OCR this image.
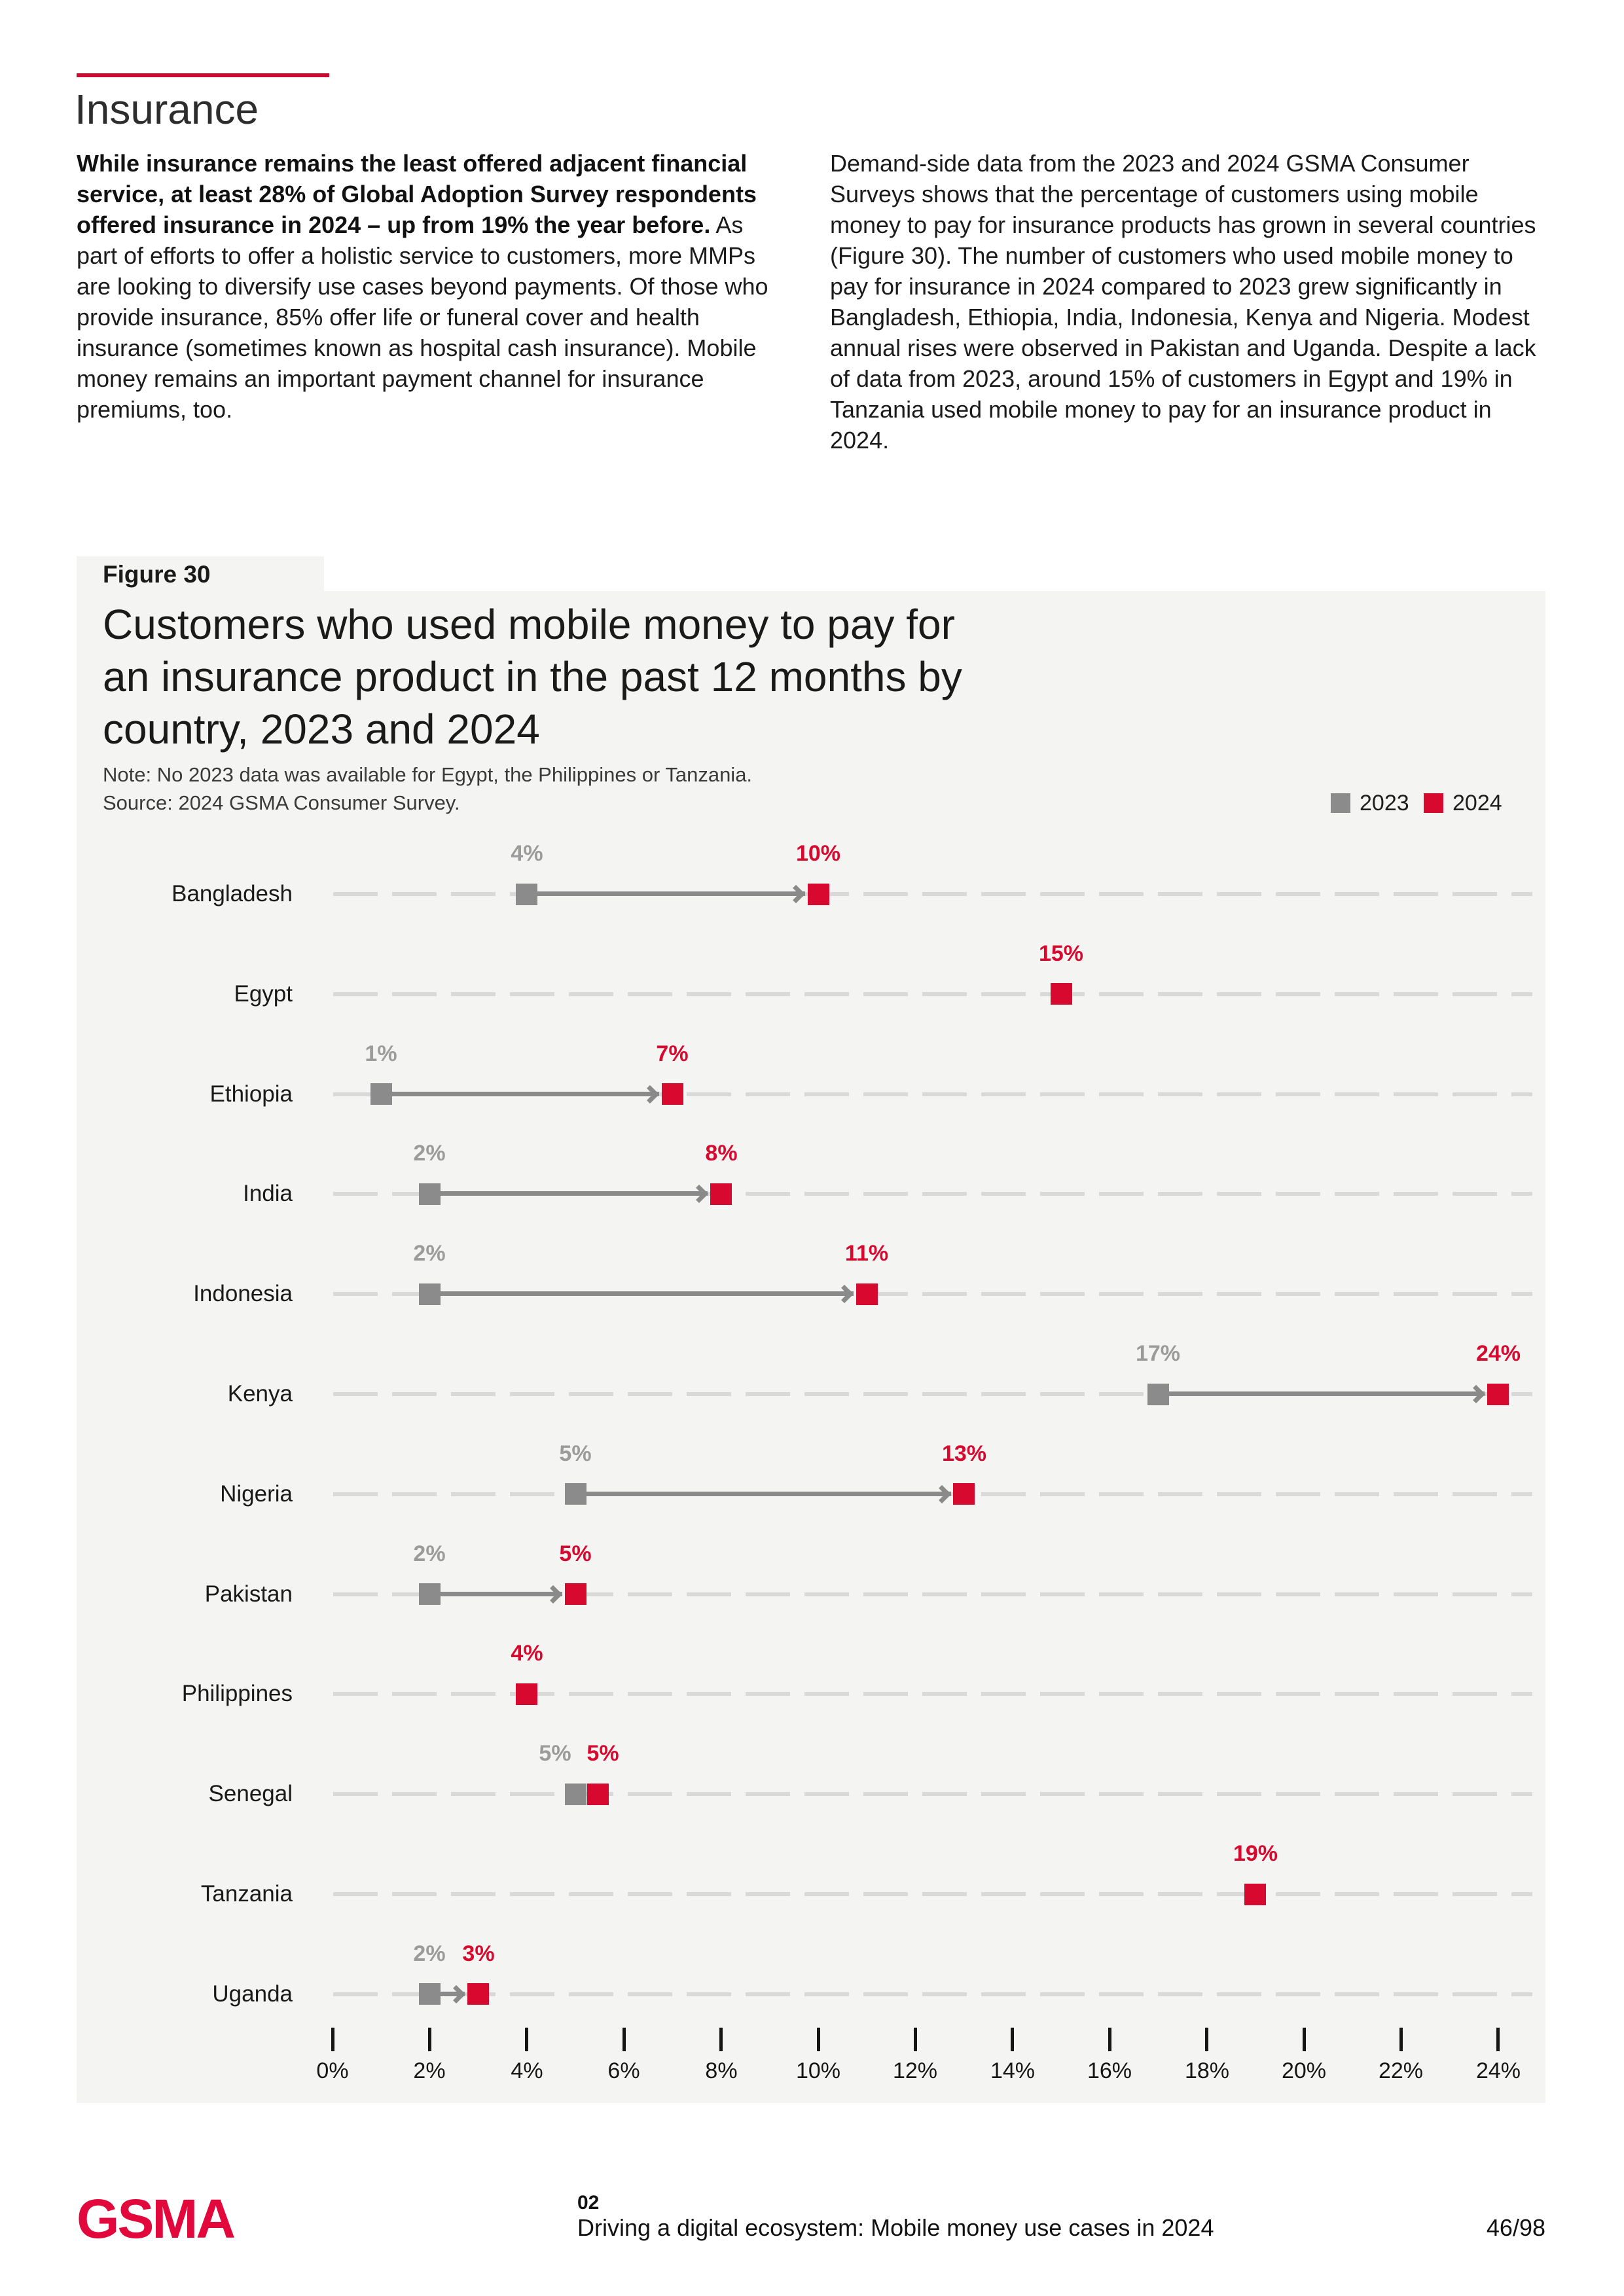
Insurance
While insurance remains the least offered adjacent financial service, at least 28% of Global Adoption Survey respondents offered insurance in 2024 – up from 19% the year before. As part of efforts to offer a holistic service to customers, more MMPs are looking to diversify use cases beyond payments. Of those who provide insurance, 85% offer life or funeral cover and health insurance (sometimes known as hospital cash insurance). Mobile money remains an important payment channel for insurance premiums, too.
Demand-side data from the 2023 and 2024 GSMA Consumer Surveys shows that the percentage of customers using mobile money to pay for insurance products has grown in several countries (Figure 30). The number of customers who used mobile money to pay for insurance in 2024 compared to 2023 grew significantly in Bangladesh, Ethiopia, India, Indonesia, Kenya and Nigeria. Modest annual rises were observed in Pakistan and Uganda. Despite a lack of data from 2023, around 15% of customers in Egypt and 19% in Tanzania used mobile money to pay for an insurance product in 2024.
Figure 30
Customers who used mobile money to pay for
an insurance product in the past 12 months by
country, 2023 and 2024
Note: No 2023 data was available for Egypt, the Philippines or Tanzania.
Source: 2024 GSMA Consumer Survey.	2023 2024
Bangladesh
4%	10%
Egypt
15%
Ethiopia
1%	7%
India
2%	8%
Indonesia
2%	11%
Kenya
17%	24%
Nigeria
5%	13%
Pakistan
2%	5%
Philippines
4%
Senegal
5% 5%
Tanzania
19%
Uganda
2% 3%
0%	2%	4%	6%	8%	10%	12%	14%	16%	18%	20%	22%	24%
GSMA	02
Driving a digital ecosystem: Mobile money use cases in 2024	46/98
